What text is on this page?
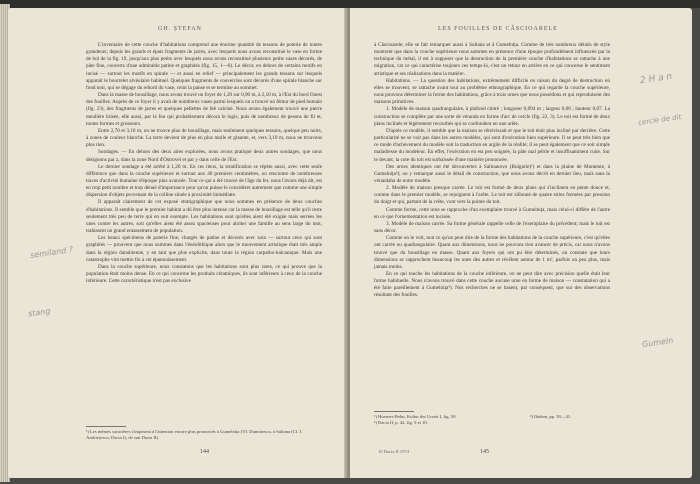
GH. ȘTEFAN

L'inventaire de cette couche d'habitations comprend une énorme quantité de tessons de poterie de toutes grandeurs; depuis les grands et épais fragments de jarres, avec lesquels nous avons reconstitué le vase en forme de bol de la fig. 19, jusqu'aux plus petits avec lesquels nous avons reconstitué plusieurs petits vases décorés, de pâte fine, couverts d'une admirable patine et graphités (fig. 15, 1—6). Le décor, en dehors de certains motifs en incisé — surtout les motifs en spirale — et aussi en relief — principalement les grands tessons sur lesquels apparaît le bourrelet alvéolaire habituel. Quelques fragments de couvercles sont décorés d'une spirale blanche sur fond noir, qui se dégage du rebord du vase, ceint la panse et se termine au sommet.

Dans la masse de bousillage, nous avons trouvé un foyer de 1,20 sur 0,90 m, à 2,10 m, à l'Est du bord Ouest des fouilles. Auprès de ce foyer il y avait de nombreux vases parmi lesquels on a trouvé un fémur de pied humain (fig. 23), des fragments de jarres et quelques pellettes de blé calciné. Nous avons également trouvé une pierre meulière brisée, elle aussi, par le feu qui probablement décora le logis, puis de nombreux de pesons de fil et, toutes formes et grosseurs.

Entre 2,70 et 3,10 m, on ne trouve plus de bousillage, mais seulement quelques tessons, quelque peu noirs, à zones de couleur blanche. La terre devient de plus en plus molle et glaunte, et, vers 3,10 m, nous ne trouvons plus rien.

Sondages. — En dehors des deux aires explorées, nous avons pratiqué deux autres sondages, que nous désignons par z, dans la zone Nord d'Ostrovel et par y dans celle de l'Est.

Le dernier sondage a été arrêté à 1,20 m. En ces lieux, la stratification se répète aussi, avec cette seule différence que dans la couche supérieure et surtout aux 40 premiers centimètres, on rencontre de nombreuses traces d'activité humaine d'époque plus avancée. Tout ce qui a été trouvé de l'âge du fer, nous l'avons déjà dit, est en trop petit nombre et trop dénué d'importance pour qu'on puisse le considérer autrement que comme une simple dispersion d'objets provenant de la colline située à proximité immédiate.

Il apparaît clairement de cet exposé stratigraphique que nous sommes en présence de deux couches d'habitations. Il semble que le premier habitat a dû être plus intense car la masse de bousillage est telle qu'il reste seulement très peu de terre qui en soit exempte. Les habitations sont qu'elles aient été exigüe mais serrées les unes contre les autres, soit qu'elles aient été assez spacieuses pour abriter une famille au sens large du mot, trahissent un grand entassement de population.

Les beaux spécimens de poterie fine, chargés de patine et décorés avec soin — surtout ceux qui sont graphités — prouvent que nous sommes dans l'énéolithique alors que le mouvement artistique était très ample dans la région danubienne, y en tant que plus explicite, dans toute la région carpatho-balcanique. Mais une catastrophe vint mettre fin à cet épanouissement.

Dans la couche supérieure, nous constatons que les habitations sont plus rares, ce qui prouve que la population était moins dense. En ce qui concerne les produits céramiques, ils sont inférieurs à ceux de la couche inférieure. Cette caractéristique n'est pas exclusive

¹) Les mêmes caractères s'imposent à l'attention encore plus prononcés à Gumelnița (VI. Dumitrescu, à Sultana (Cf. I. Andrieșescu, Dacia I); de suit Dacia II).
144
semiland ?
stang
LES FOUILLES DE CĂSCIOARELE

à Căscioarele; elle se fait remarquer aussi à Sultana et à Gumelnița. Comme de très nombreux détails de style montrent que dans la couche supérieure nous sommes en présence d'une époque profondément influencée par la technique du métal, il est à supposer que la destruction de la première couche d'habitations se rattache à une migration, car ce qui caractérise toujours ces temps-là, c'est un retour en arrière en ce qui concerne le sentiment artistique et ses réalisations dans la matière.

Habitations. — La question des habitations, extrêmement difficile en raison du degré de destruction où elles se trouvent, se rattache avant tout au problème ethnographique. En ce qui regarde la couche supérieure, nous pouvons déterminer la forme des habitations, grâce à trois urnes que nous possédons et qui reproduisent des maisons primitives.

1. Modèle de maison quadrangulaire, à plafond cintré ; longueur 0,094 m ; largeur 0,06 ; hauteur 0,07. La construction se complète par une sorte de véranda en forme d'arc de cercle (fig. 22, 3). Le toit est formé de deux plans inclinés et légèrement recourbés qui se confondent en une arête.

D'après ce modèle, il semble que la maison se rétrécissait et que le toit était plus incliné par derrière. Cette particularité ne se voit pas dans les autres modèles, qui sont d'exécution bien supérieure. Il se peut très bien que ce mode d'achèvement du modèle soit la traduction en argile de la réalité; il se peut également que ce soit simple maladresse du modeleur. En effet, l'exécution en est peu soignée, la pâte mal pétrie et insuffisamment cuite. Sur le devant, la cote du toit est surbaissée d'une manière prononcée.

Des urnes identiques ont été découvertes à Salmanovo (Bulgarie)¹) et dans la plaine de Muntenie, à Gumelnița²); on y remarque aussi le détail de construction, que nous avons décrit en dernier lieu, mais sans la vérandaha de notre modèle.

2. Modèle de maison presque carrée. Le toit est formé de deux plans qui s'inclinent en pente douce et, comme dans le premier modèle, se rejoignent à l'arête. Le toit est sillonné de quatre stries formées par pression du doigt et qui, partant de la crête, vont vers la pointe du toit.

Comme forme, cette urne se rapproche d'un exemplaire trouvé à Gumelnița, mais celui-ci diffère de l'autre en ce que l'ornementation est incisée.

3. Modèle de maison carrée. Sa forme générale rappelle celle de l'exemplaire du précédent; mais le toit est sans décor.

Comme on le voit, tout ce qu'on peut dire de la forme des habitations de la couche supérieure, c'est qu'elles ont carrée ou quadrangulaire. Quant aux dimensions, nous ne pouvons rien avancer de précis, car nous n'avons trouvé que du bousillage en masse. Quant aux foyers qui ont pu être déterminés, on constate que leurs dimensions se rapprochent beaucoup les unes des autres et révèlent autour de 1 m², parfois un peu plus, mais jamais moins.

En ce qui touche les habitations de la couche inférieure, on ne peut dire avec précision quelle était leur forme habituelle. Nous n'avons trouvé dans cette couche aucune urne en forme de maison — constatation qui a été faite pareillement à Gumelnița³). Nos recherches ne se basent, par conséquent, que sur des observations résultant des fouilles.

¹) Hoernes-Behn, Kultur der Urzeit I, fig. 50.
²) Dacia II, p. 42, fig. 9 et 10.
³) Ibidem, pp. 39—41.
10 Dacia II 1974	145
2 H a n
cercle de dit
Gumeln
